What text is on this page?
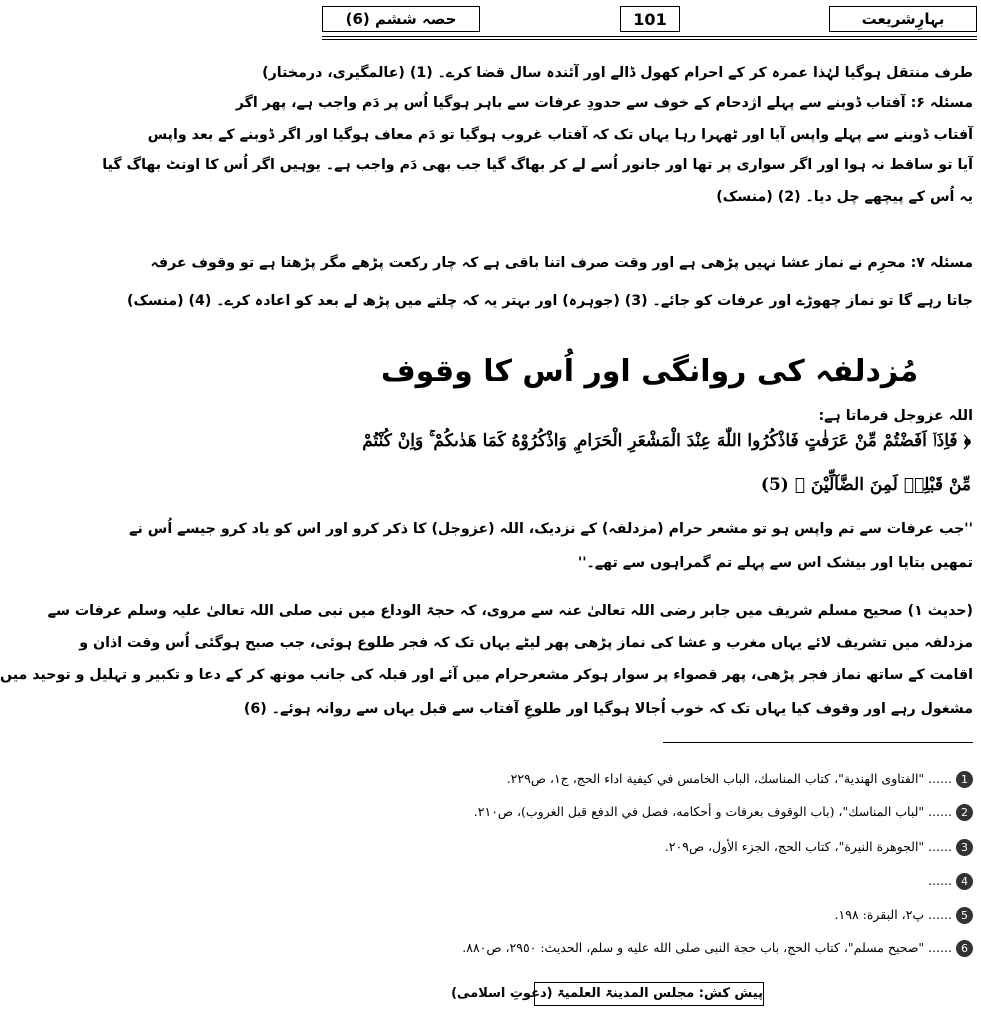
بہارِشریعت
101
حصہ ششم (6)
طرف منتقل ہوگیا لہٰذا عمرہ کر کے احرام کھول ڈالے اور آئندہ سال قضا کرے۔ (1) (عالمگیری، درمختار)
مسئلہ ۶: آفتاب ڈوبنے سے پہلے اژدحام کے خوف سے حدودِ عرفات سے باہر ہوگیا اُس پر دَم واجب ہے، پھر اگر
آفتاب ڈوبنے سے پہلے واپس آیا اور ٹھہرا رہا یہاں تک کہ آفتاب غروب ہوگیا تو دَم معاف ہوگیا اور اگر ڈوبنے کے بعد واپس
آیا تو ساقط نہ ہوا اور اگر سواری پر تھا اور جانور اُسے لے کر بھاگ گیا جب بھی دَم واجب ہے۔ یوہیں اگر اُس کا اونٹ بھاگ گیا
یہ اُس کے پیچھے چل دیا۔ (2) (منسک)
مسئلہ ۷: محرِم نے نماز عشا نہیں پڑھی ہے اور وقت صرف اتنا باقی ہے کہ چار رکعت پڑھے مگر پڑھتا ہے تو وقوف عرفہ
جاتا رہے گا تو نماز چھوڑے اور عرفات کو جائے۔ (3) (جوہرہ) اور بہتر یہ کہ چلتے میں پڑھ لے بعد کو اعادہ کرے۔ (4) (منسک)
مُزدلفہ کی روانگی اور اُس کا وقوف
اللہ عزوجل فرماتا ہے:
﴿ فَاِذَاۤ اَفَضْتُمْ مِّنْ عَرَفٰتٍ فَاذْكُرُوا اللّٰهَ عِنْدَ الْمَشْعَرِ الْحَرَامِ ۪ وَاذْكُرُوْهُ كَمَا هَدٰىكُمْ ۚ وَاِنْ كُنْتُمْ
مِّنْ قَبْلِهٖ لَمِنَ الضَّآلِّیْنَ ﴾ (5)
''جب عرفات سے تم واپس ہو تو مشعر حرام (مزدلفہ) کے نزدیک، اللہ (عزوجل) کا ذکر کرو اور اس کو یاد کرو جیسے اُس نے
تمھیں بتایا اور بیشک اس سے پہلے تم گمراہوں سے تھے۔''
(حدیث ۱) صحیح مسلم شریف میں جابر رضی اللہ تعالیٰ عنہ سے مروی، کہ حجۃ الوداع میں نبی صلی اللہ تعالیٰ علیہ وسلم عرفات سے
مزدلفہ میں تشریف لائے یہاں مغرب و عشا کی نماز پڑھی پھر لیٹے یہاں تک کہ فجر طلوع ہوئی، جب صبح ہوگئی اُس وقت اذان و
اقامت کے ساتھ نماز فجر پڑھی، پھر قصواء پر سوار ہوکر مشعرحرام میں آئے اور قبلہ کی جانب مونھ کر کے دعا و تکبیر و تہلیل و توحید میں
مشغول رہے اور وقوف کیا یہاں تک کہ خوب اُجالا ہوگیا اور طلوعِ آفتاب سے قبل یہاں سے روانہ ہوئے۔ (6)
1...... "الفتاوى الهندية"، كتاب المناسك، الباب الخامس في كيفية اداء الحج، ج١، ص٢٢٩.
2...... "لباب المناسك"، (باب الوقوف بعرفات و أحكامه، فصل في الدفع قبل الغروب)، ص٢١٠.
3...... "الجوهرة النيرة"، كتاب الحج، الجزء الأول، ص٢٠٩.
4......
5...... پ٢، البقرة: ١٩٨.
6...... "صحيح مسلم"، كتاب الحج، باب حجة النبى صلى الله عليه و سلم، الحديث: ٢٩٥٠، ص٨٨٠.
پیش کش: مجلس المدینۃ العلمیۃ (دعوتِ اسلامی)
